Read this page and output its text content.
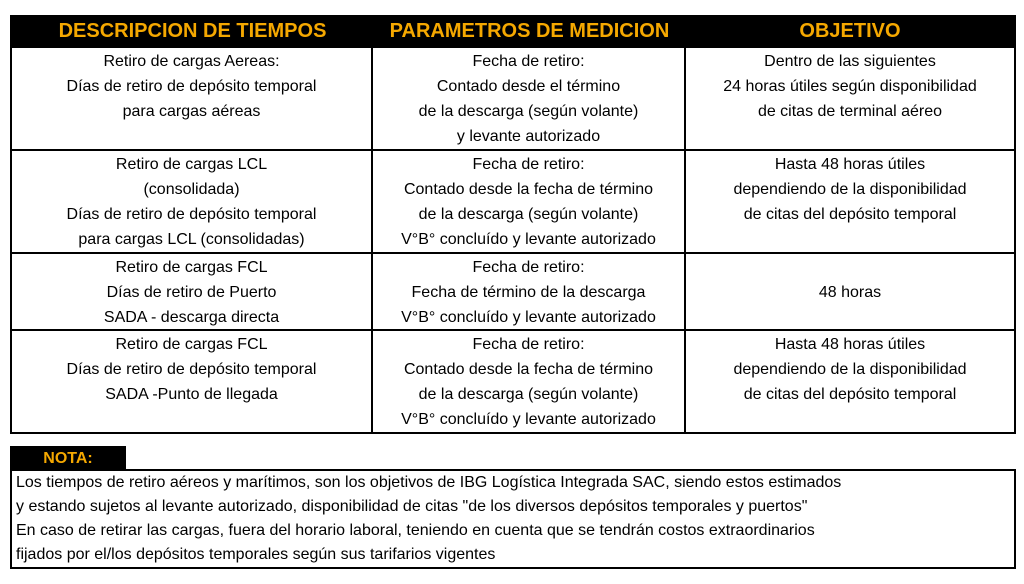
DESCRIPCION DE TIEMPOS	PARAMETROS DE MEDICION	OBJETIVO
Retiro de cargas Aereas:
Días de retiro de depósito temporal
para cargas aéreas
Fecha de retiro:
Contado desde el término
de la descarga (según volante)
y levante autorizado
Dentro de las siguientes
24 horas útiles según disponibilidad
de citas de terminal aéreo
Retiro de cargas LCL
(consolidada)
Días de retiro de depósito temporal
para cargas LCL (consolidadas)
Fecha de retiro:
Contado desde la fecha de término
de la descarga (según volante)
V°B° concluído y levante autorizado
Hasta 48 horas útiles
dependiendo de la disponibilidad
de citas del depósito temporal
Retiro de cargas FCL
Días de retiro de Puerto
SADA - descarga directa
Fecha de retiro:
Fecha de término de la descarga
V°B° concluído y levante autorizado
48 horas
Retiro de cargas FCL
Días de retiro de depósito temporal
SADA -Punto de llegada
Fecha de retiro:
Contado desde la fecha de término
de la descarga (según volante)
V°B° concluído y levante autorizado
Hasta 48 horas útiles
dependiendo de la disponibilidad
de citas del depósito temporal
NOTA:
Los tiempos de retiro aéreos y marítimos, son los objetivos de IBG Logística Integrada SAC, siendo estos estimados
y estando sujetos al levante autorizado, disponibilidad de citas "de los diversos depósitos temporales y puertos"
En caso de retirar las cargas, fuera del horario laboral, teniendo en cuenta que se tendrán costos extraordinarios
fijados por el/los depósitos temporales según sus tarifarios vigentes
